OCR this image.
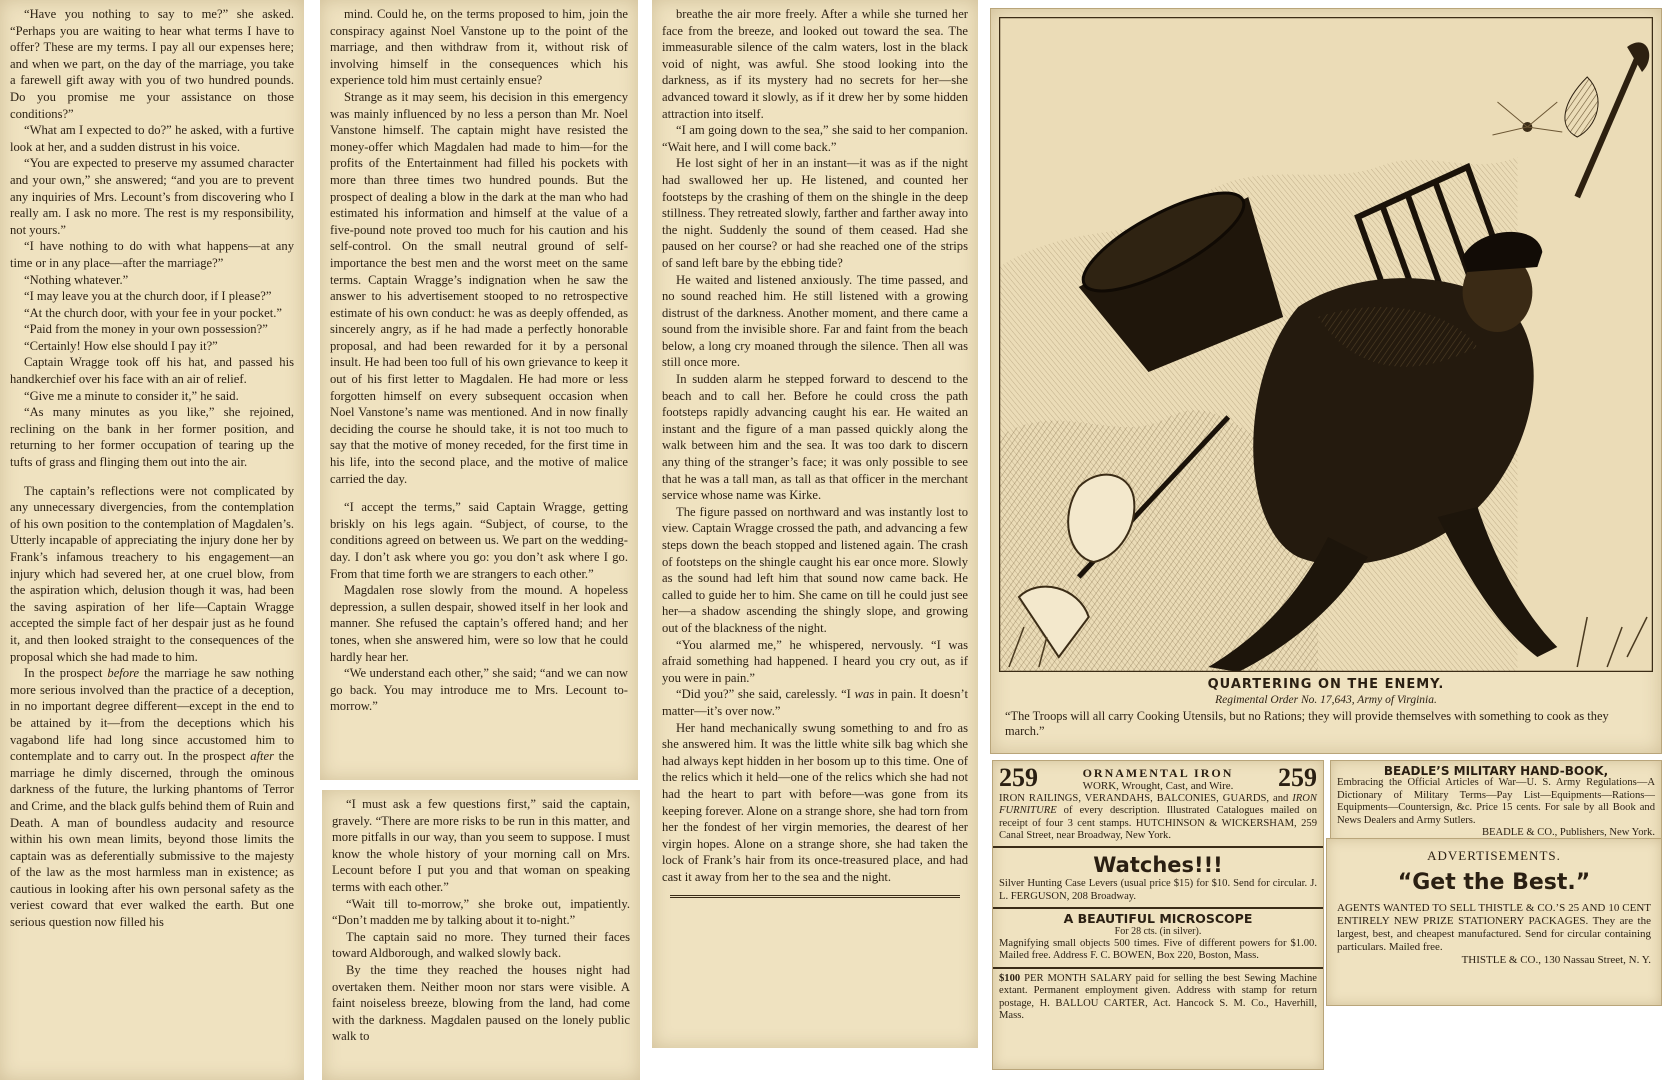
“Have you nothing to say to me?” she asked. “Perhaps you are waiting to hear what terms I have to offer? These are my terms. I pay all our expenses here; and when we part, on the day of the marriage, you take a farewell gift away with you of two hundred pounds. Do you promise me your assistance on those conditions?”

“What am I expected to do?” he asked, with a furtive look at her, and a sudden distrust in his voice.

“You are expected to preserve my assumed character and your own,” she answered; “and you are to prevent any inquiries of Mrs. Lecount’s from discovering who I really am. I ask no more. The rest is my responsibility, not yours.”

“I have nothing to do with what happens—at any time or in any place—after the marriage?”

“Nothing whatever.”

“I may leave you at the church door, if I please?”

“At the church door, with your fee in your pocket.”

“Paid from the money in your own possession?”

“Certainly! How else should I pay it?”

Captain Wragge took off his hat, and passed his handkerchief over his face with an air of relief.

“Give me a minute to consider it,” he said.

“As many minutes as you like,” she rejoined, reclining on the bank in her former position, and returning to her former occupation of tearing up the tufts of grass and flinging them out into the air.

The captain’s reflections were not complicated by any unnecessary divergencies, from the contemplation of his own position to the contemplation of Magdalen’s. Utterly incapable of appreciating the injury done her by Frank’s infamous treachery to his engagement—an injury which had severed her, at one cruel blow, from the aspiration which, delusion though it was, had been the saving aspiration of her life—Captain Wragge accepted the simple fact of her despair just as he found it, and then looked straight to the consequences of the proposal which she had made to him.

In the prospect before the marriage he saw nothing more serious involved than the practice of a deception, in no important degree different—except in the end to be attained by it—from the deceptions which his vagabond life had long since accustomed him to contemplate and to carry out. In the prospect after the marriage he dimly discerned, through the ominous darkness of the future, the lurking phantoms of Terror and Crime, and the black gulfs behind them of Ruin and Death. A man of boundless audacity and resource within his own mean limits, beyond those limits the captain was as deferentially submissive to the majesty of the law as the most harmless man in existence; as cautious in looking after his own personal safety as the veriest coward that ever walked the earth. But one serious question now filled his

mind. Could he, on the terms proposed to him, join the conspiracy against Noel Vanstone up to the point of the marriage, and then withdraw from it, without risk of involving himself in the consequences which his experience told him must certainly ensue?

Strange as it may seem, his decision in this emergency was mainly influenced by no less a person than Mr. Noel Vanstone himself. The captain might have resisted the money-offer which Magdalen had made to him—for the profits of the Entertainment had filled his pockets with more than three times two hundred pounds. But the prospect of dealing a blow in the dark at the man who had estimated his information and himself at the value of a five-pound note proved too much for his caution and his self-control. On the small neutral ground of self-importance the best men and the worst meet on the same terms. Captain Wragge’s indignation when he saw the answer to his advertisement stooped to no retrospective estimate of his own conduct: he was as deeply offended, as sincerely angry, as if he had made a perfectly honorable proposal, and had been rewarded for it by a personal insult. He had been too full of his own grievance to keep it out of his first letter to Magdalen. He had more or less forgotten himself on every subsequent occasion when Noel Vanstone’s name was mentioned. And in now finally deciding the course he should take, it is not too much to say that the motive of money receded, for the first time in his life, into the second place, and the motive of malice carried the day.

“I accept the terms,” said Captain Wragge, getting briskly on his legs again. “Subject, of course, to the conditions agreed on between us. We part on the wedding-day. I don’t ask where you go: you don’t ask where I go. From that time forth we are strangers to each other.”

Magdalen rose slowly from the mound. A hopeless depression, a sullen despair, showed itself in her look and manner. She refused the captain’s offered hand; and her tones, when she answered him, were so low that he could hardly hear her.

“We understand each other,” she said; “and we can now go back. You may introduce me to Mrs. Lecount to-morrow.”

“I must ask a few questions first,” said the captain, gravely. “There are more risks to be run in this matter, and more pitfalls in our way, than you seem to suppose. I must know the whole history of your morning call on Mrs. Lecount before I put you and that woman on speaking terms with each other.”

“Wait till to-morrow,” she broke out, impatiently. “Don’t madden me by talking about it to-night.”

The captain said no more. They turned their faces toward Aldborough, and walked slowly back.

By the time they reached the houses night had overtaken them. Neither moon nor stars were visible. A faint noiseless breeze, blowing from the land, had come with the darkness. Magdalen paused on the lonely public walk to

breathe the air more freely. After a while she turned her face from the breeze, and looked out toward the sea. The immeasurable silence of the calm waters, lost in the black void of night, was awful. She stood looking into the darkness, as if its mystery had no secrets for her—she advanced toward it slowly, as if it drew her by some hidden attraction into itself.

“I am going down to the sea,” she said to her companion. “Wait here, and I will come back.”

He lost sight of her in an instant—it was as if the night had swallowed her up. He listened, and counted her footsteps by the crashing of them on the shingle in the deep stillness. They retreated slowly, farther and farther away into the night. Suddenly the sound of them ceased. Had she paused on her course? or had she reached one of the strips of sand left bare by the ebbing tide?

He waited and listened anxiously. The time passed, and no sound reached him. He still listened with a growing distrust of the darkness. Another moment, and there came a sound from the invisible shore. Far and faint from the beach below, a long cry moaned through the silence. Then all was still once more.

In sudden alarm he stepped forward to descend to the beach and to call her. Before he could cross the path footsteps rapidly advancing caught his ear. He waited an instant and the figure of a man passed quickly along the walk between him and the sea. It was too dark to discern any thing of the stranger’s face; it was only possible to see that he was a tall man, as tall as that officer in the merchant service whose name was Kirke.

The figure passed on northward and was instantly lost to view. Captain Wragge crossed the path, and advancing a few steps down the beach stopped and listened again. The crash of footsteps on the shingle caught his ear once more. Slowly as the sound had left him that sound now came back. He called to guide her to him. She came on till he could just see her—a shadow ascending the shingly slope, and growing out of the blackness of the night.

“You alarmed me,” he whispered, nervously. “I was afraid something had happened. I heard you cry out, as if you were in pain.”

“Did you?” she said, carelessly. “I was in pain. It doesn’t matter—it’s over now.”

Her hand mechanically swung something to and fro as she answered him. It was the little white silk bag which she had always kept hidden in her bosom up to this time. One of the relics which it held—one of the relics which she had not had the heart to part with before—was gone from its keeping forever. Alone on a strange shore, she had torn from her the fondest of her virgin memories, the dearest of her virgin hopes. Alone on a strange shore, she had taken the lock of Frank’s hair from its once-treasured place, and had cast it away from her to the sea and the night.

QUARTERING ON THE ENEMY.
Regimental Order No. 17,643, Army of Virginia.
“The Troops will all carry Cooking Utensils, but no Rations; they will provide themselves with something to cook as they march.”
259	ORNAMENTAL IRON
WORK, Wrought, Cast, and Wire.	259
IRON RAILINGS, VERANDAHS, BALCONIES, GUARDS, and IRON FURNITURE of every description. Illustrated Catalogues mailed on receipt of four 3 cent stamps. HUTCHINSON & WICKERSHAM, 259 Canal Street, near Broadway, New York.
Watches!!!
Silver Hunting Case Levers (usual price $15) for $10. Send for circular. J. L. FERGUSON, 208 Broadway.
A BEAUTIFUL MICROSCOPE
For 28 cts. (in silver).
Magnifying small objects 500 times. Five of different powers for $1.00. Mailed free. Address F. C. BOWEN, Box 220, Boston, Mass.
$100 PER MONTH SALARY paid for selling the best Sewing Machine extant. Permanent employment given. Address with stamp for return postage, H. BALLOU CARTER, Act. Hancock S. M. Co., Haverhill, Mass.
BEADLE’S MILITARY HAND-BOOK,
Embracing the Official Articles of War—U. S. Army Regulations—A Dictionary of Military Terms—Pay List—Equipments—Rations—Equipments—Countersign, &c. Price 15 cents. For sale by all Book and News Dealers and Army Sutlers.
BEADLE & CO., Publishers, New York.
ADVERTISEMENTS.
“Get the Best.”
AGENTS WANTED TO SELL THISTLE & CO.’S 25 AND 10 CENT ENTIRELY NEW PRIZE STATIONERY PACKAGES. They are the largest, best, and cheapest manufactured. Send for circular containing particulars. Mailed free.
THISTLE & CO., 130 Nassau Street, N. Y.
